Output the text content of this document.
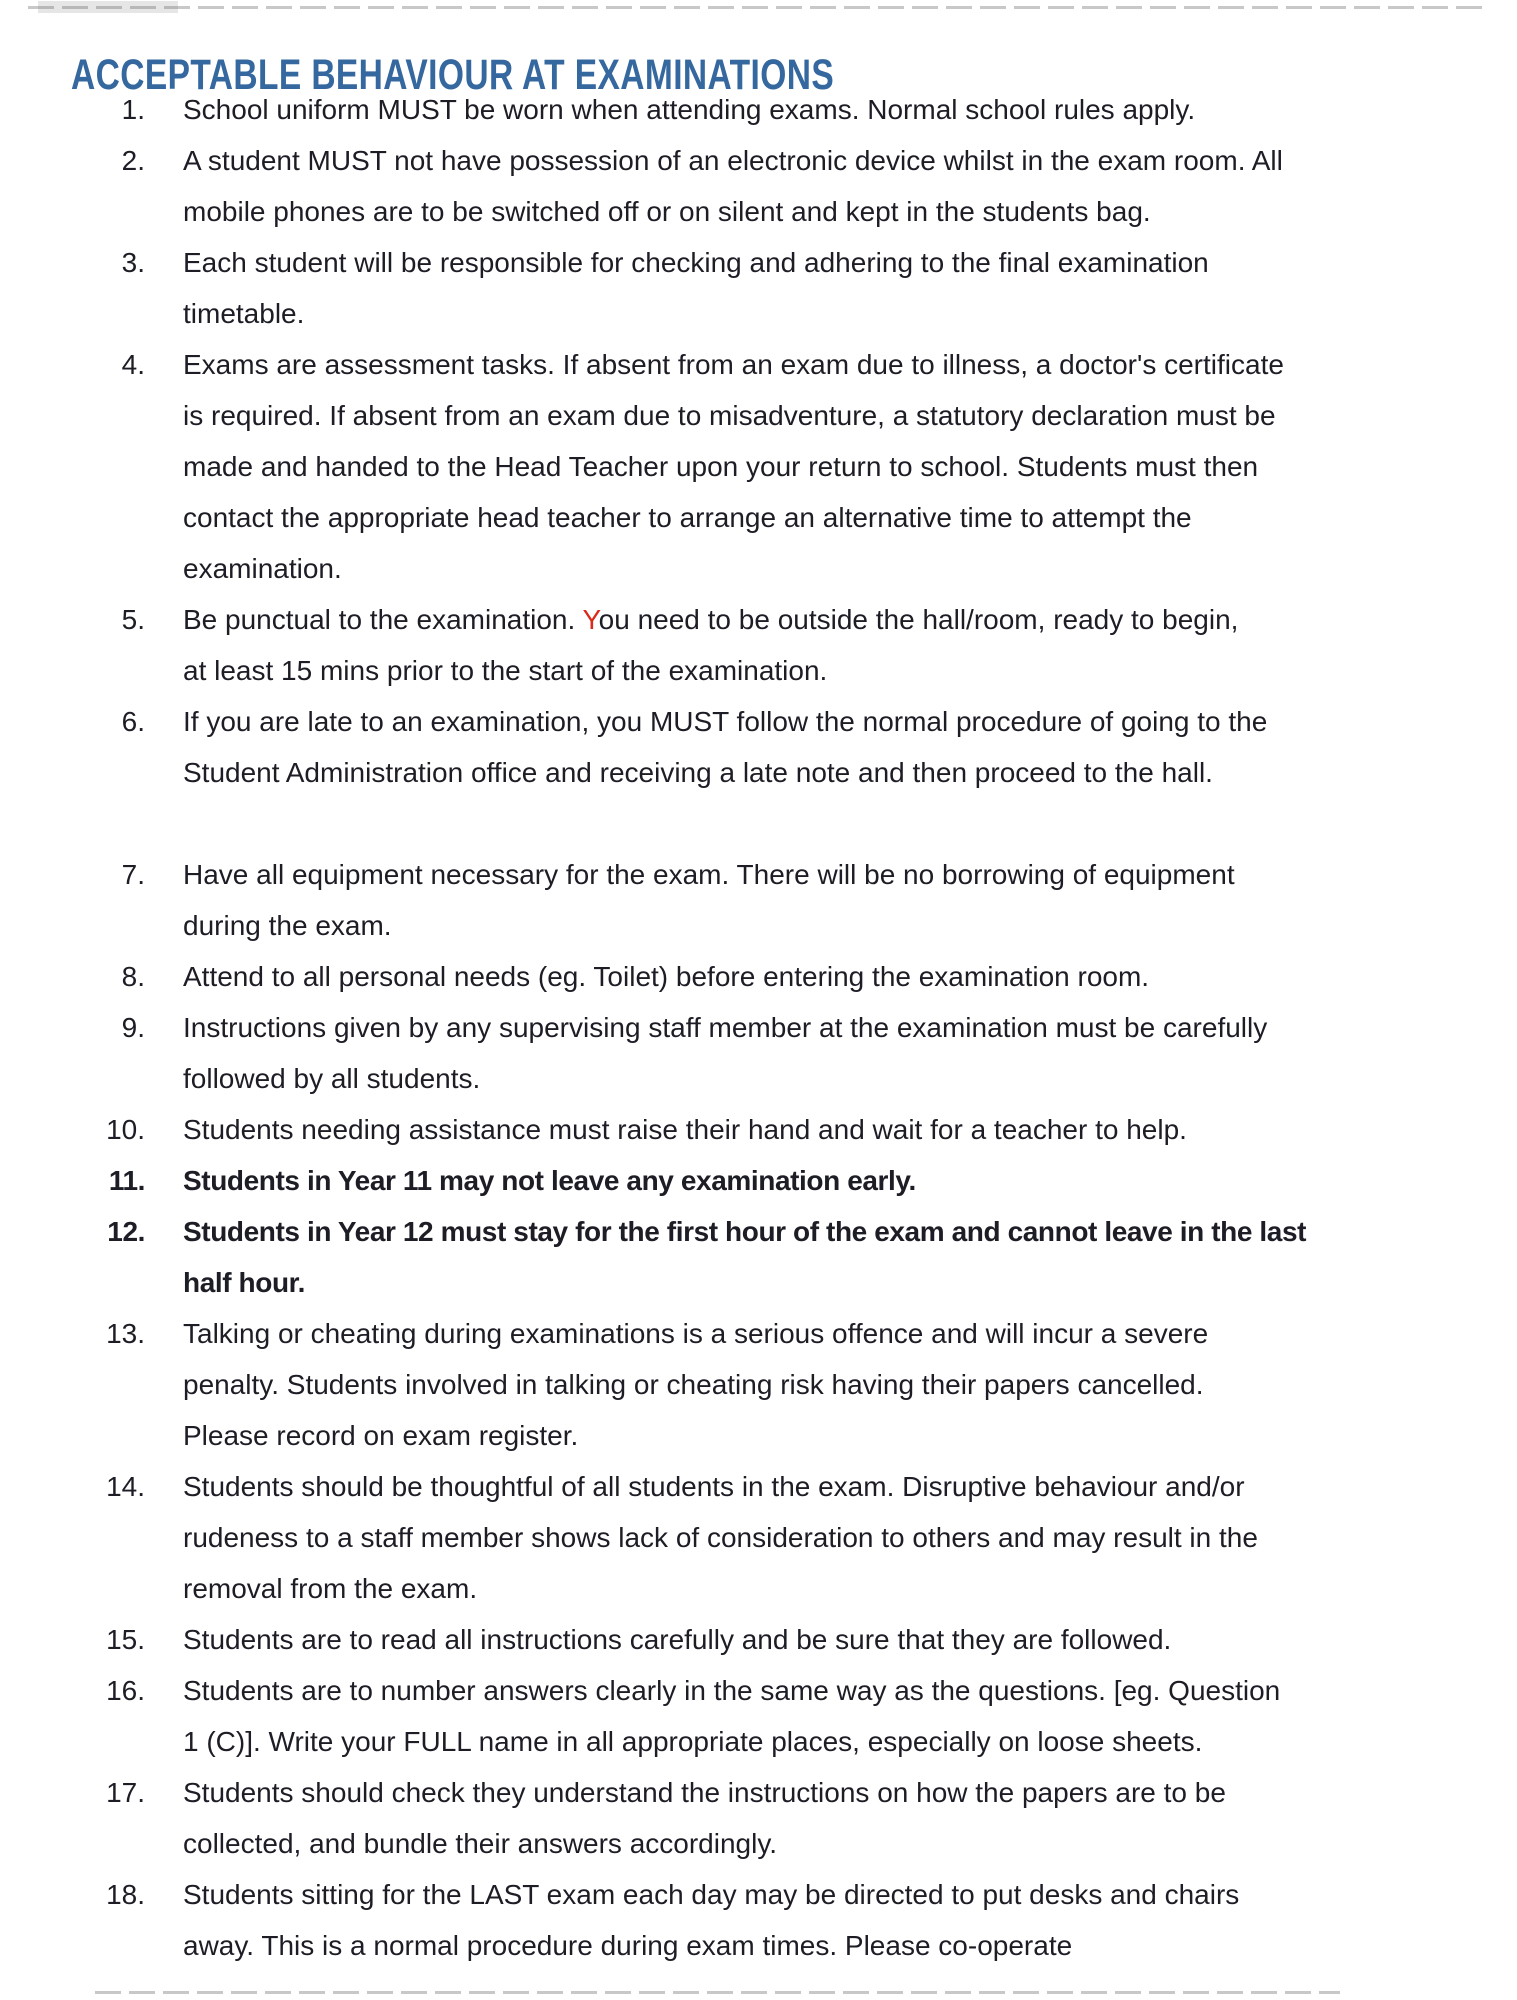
ACCEPTABLE BEHAVIOUR AT EXAMINATIONS
1. School uniform MUST be worn when attending exams. Normal school rules apply.
2. A student MUST not have possession of an electronic device whilst in the exam room. All
mobile phones are to be switched off or on silent and kept in the students bag.
3. Each student will be responsible for checking and adhering to the final examination
timetable.
4. Exams are assessment tasks. If absent from an exam due to illness, a doctor's certificate
is required. If absent from an exam due to misadventure, a statutory declaration must be
made and handed to the Head Teacher upon your return to school. Students must then
contact the appropriate head teacher to arrange an alternative time to attempt the
examination.
5. Be punctual to the examination. You need to be outside the hall/room, ready to begin,
at least 15 mins prior to the start of the examination.
6. If you are late to an examination, you MUST follow the normal procedure of going to the
Student Administration office and receiving a late note and then proceed to the hall.
7. Have all equipment necessary for the exam. There will be no borrowing of equipment
during the exam.
8. Attend to all personal needs (eg. Toilet) before entering the examination room.
9. Instructions given by any supervising staff member at the examination must be carefully
followed by all students.
10. Students needing assistance must raise their hand and wait for a teacher to help.
11. Students in Year 11 may not leave any examination early.
12. Students in Year 12 must stay for the first hour of the exam and cannot leave in the last
half hour.
13. Talking or cheating during examinations is a serious offence and will incur a severe
penalty. Students involved in talking or cheating risk having their papers cancelled.
Please record on exam register.
14. Students should be thoughtful of all students in the exam. Disruptive behaviour and/or
rudeness to a staff member shows lack of consideration to others and may result in the
removal from the exam.
15. Students are to read all instructions carefully and be sure that they are followed.
16. Students are to number answers clearly in the same way as the questions. [eg. Question
1 (C)]. Write your FULL name in all appropriate places, especially on loose sheets.
17. Students should check they understand the instructions on how the papers are to be
collected, and bundle their answers accordingly.
18. Students sitting for the LAST exam each day may be directed to put desks and chairs
away. This is a normal procedure during exam times. Please co-operate
